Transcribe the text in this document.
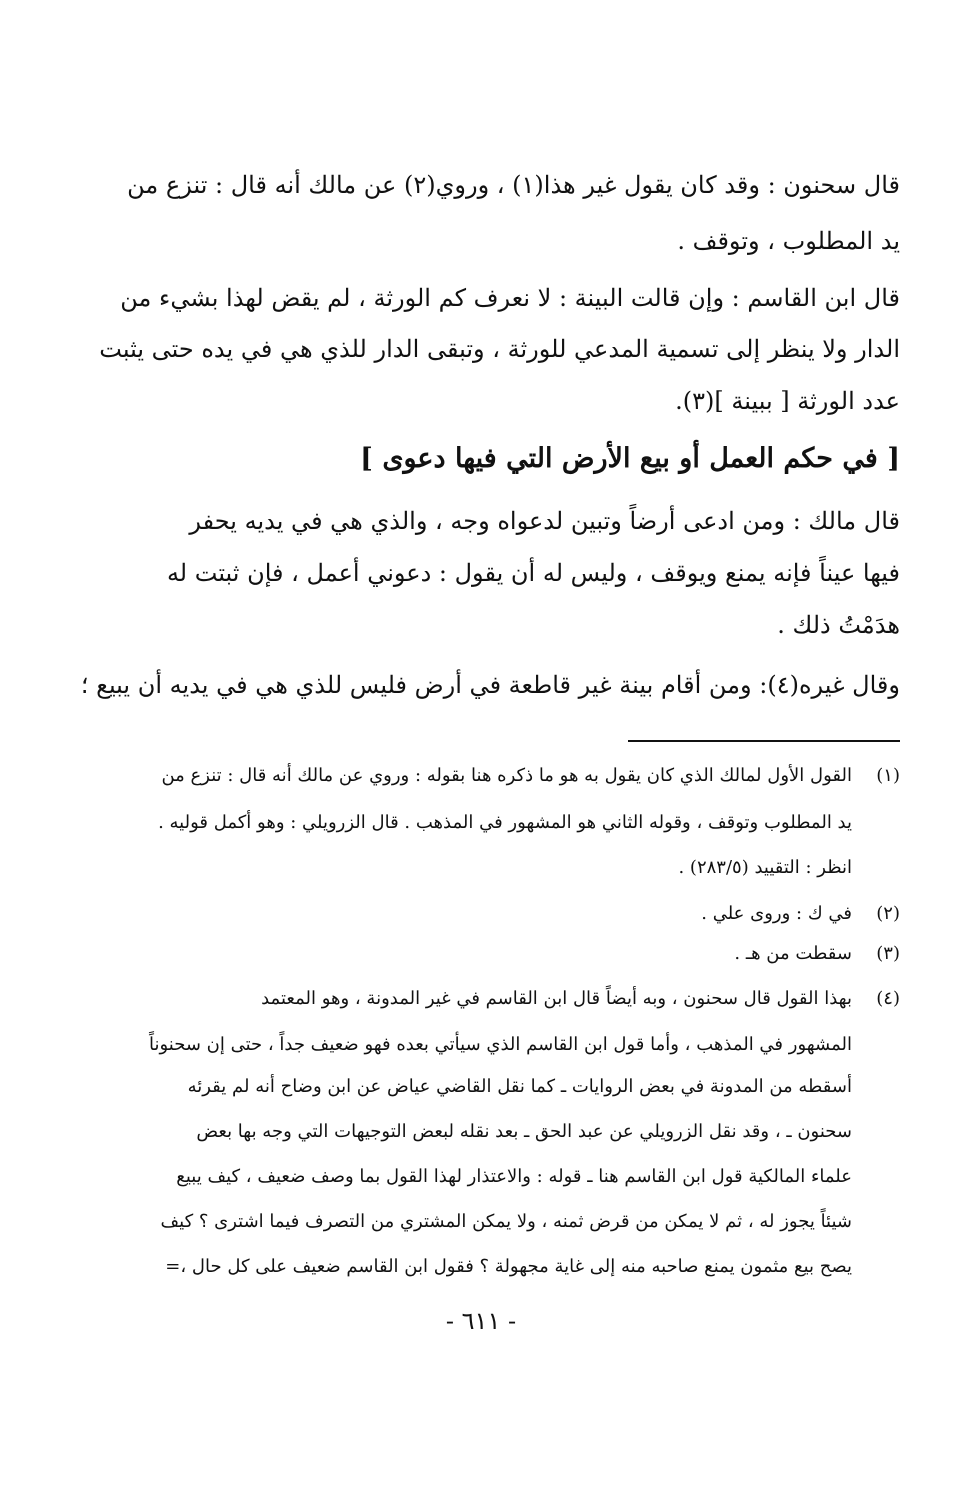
قال سحنون : وقد كان يقول غير هذا(١) ، وروي(٢) عن مالك أنه قال : تنزع من
يد المطلوب ، وتوقف .
قال ابن القاسم : وإن قالت البينة : لا نعرف كم الورثة ، لم يقض لهذا بشيء من
الدار ولا ينظر إلى تسمية المدعي للورثة ، وتبقى الدار للذي هي في يده حتى يثبت
عدد الورثة [ ببينة ](٣).
[ في حكم العمل أو بيع الأرض التي فيها دعوى ]
قال مالك : ومن ادعى أرضاً وتبين لدعواه وجه ، والذي هي في يديه يحفر
فيها عيناً فإنه يمنع ويوقف ، وليس له أن يقول : دعوني أعمل ، فإن ثبتت له
هدَمْتُ ذلك .
وقال غيره(٤): ومن أقام بينة غير قاطعة في أرض فليس للذي هي في يديه أن يبيع ؛
(١)القول الأول لمالك الذي كان يقول به هو ما ذكره هنا بقوله : وروي عن مالك أنه قال : تنزع من
يد المطلوب وتوقف ، وقوله الثاني هو المشهور في المذهب . قال الزرويلي : وهو أكمل قوليه .
انظر : التقييد (٢٨٣/٥) .
(٢)في ك : وروى علي .
(٣)سقطت من هـ .
(٤)بهذا القول قال سحنون ، وبه أيضاً قال ابن القاسم في غير المدونة ، وهو المعتمد
المشهور في المذهب ، وأما قول ابن القاسم الذي سيأتي بعده فهو ضعيف جداً ، حتى إن سحنوناً
أسقطه من المدونة في بعض الروايات ـ كما نقل القاضي عياض عن ابن وضاح أنه لم يقرئه
سحنون ـ ، وقد نقل الزرويلي عن عبد الحق ـ بعد نقله لبعض التوجيهات التي وجه بها بعض
علماء المالكية قول ابن القاسم هنا ـ قوله : والاعتذار لهذا القول بما وصف ضعيف ، كيف يبيع
شيئاً يجوز له ، ثم لا يمكن من قرض ثمنه ، ولا يمكن المشتري من التصرف فيما اشترى ؟ كيف
يصح بيع مثمون يمنع صاحبه منه إلى غاية مجهولة ؟ فقول ابن القاسم ضعيف على كل حال ،=
- ٦١١ -
